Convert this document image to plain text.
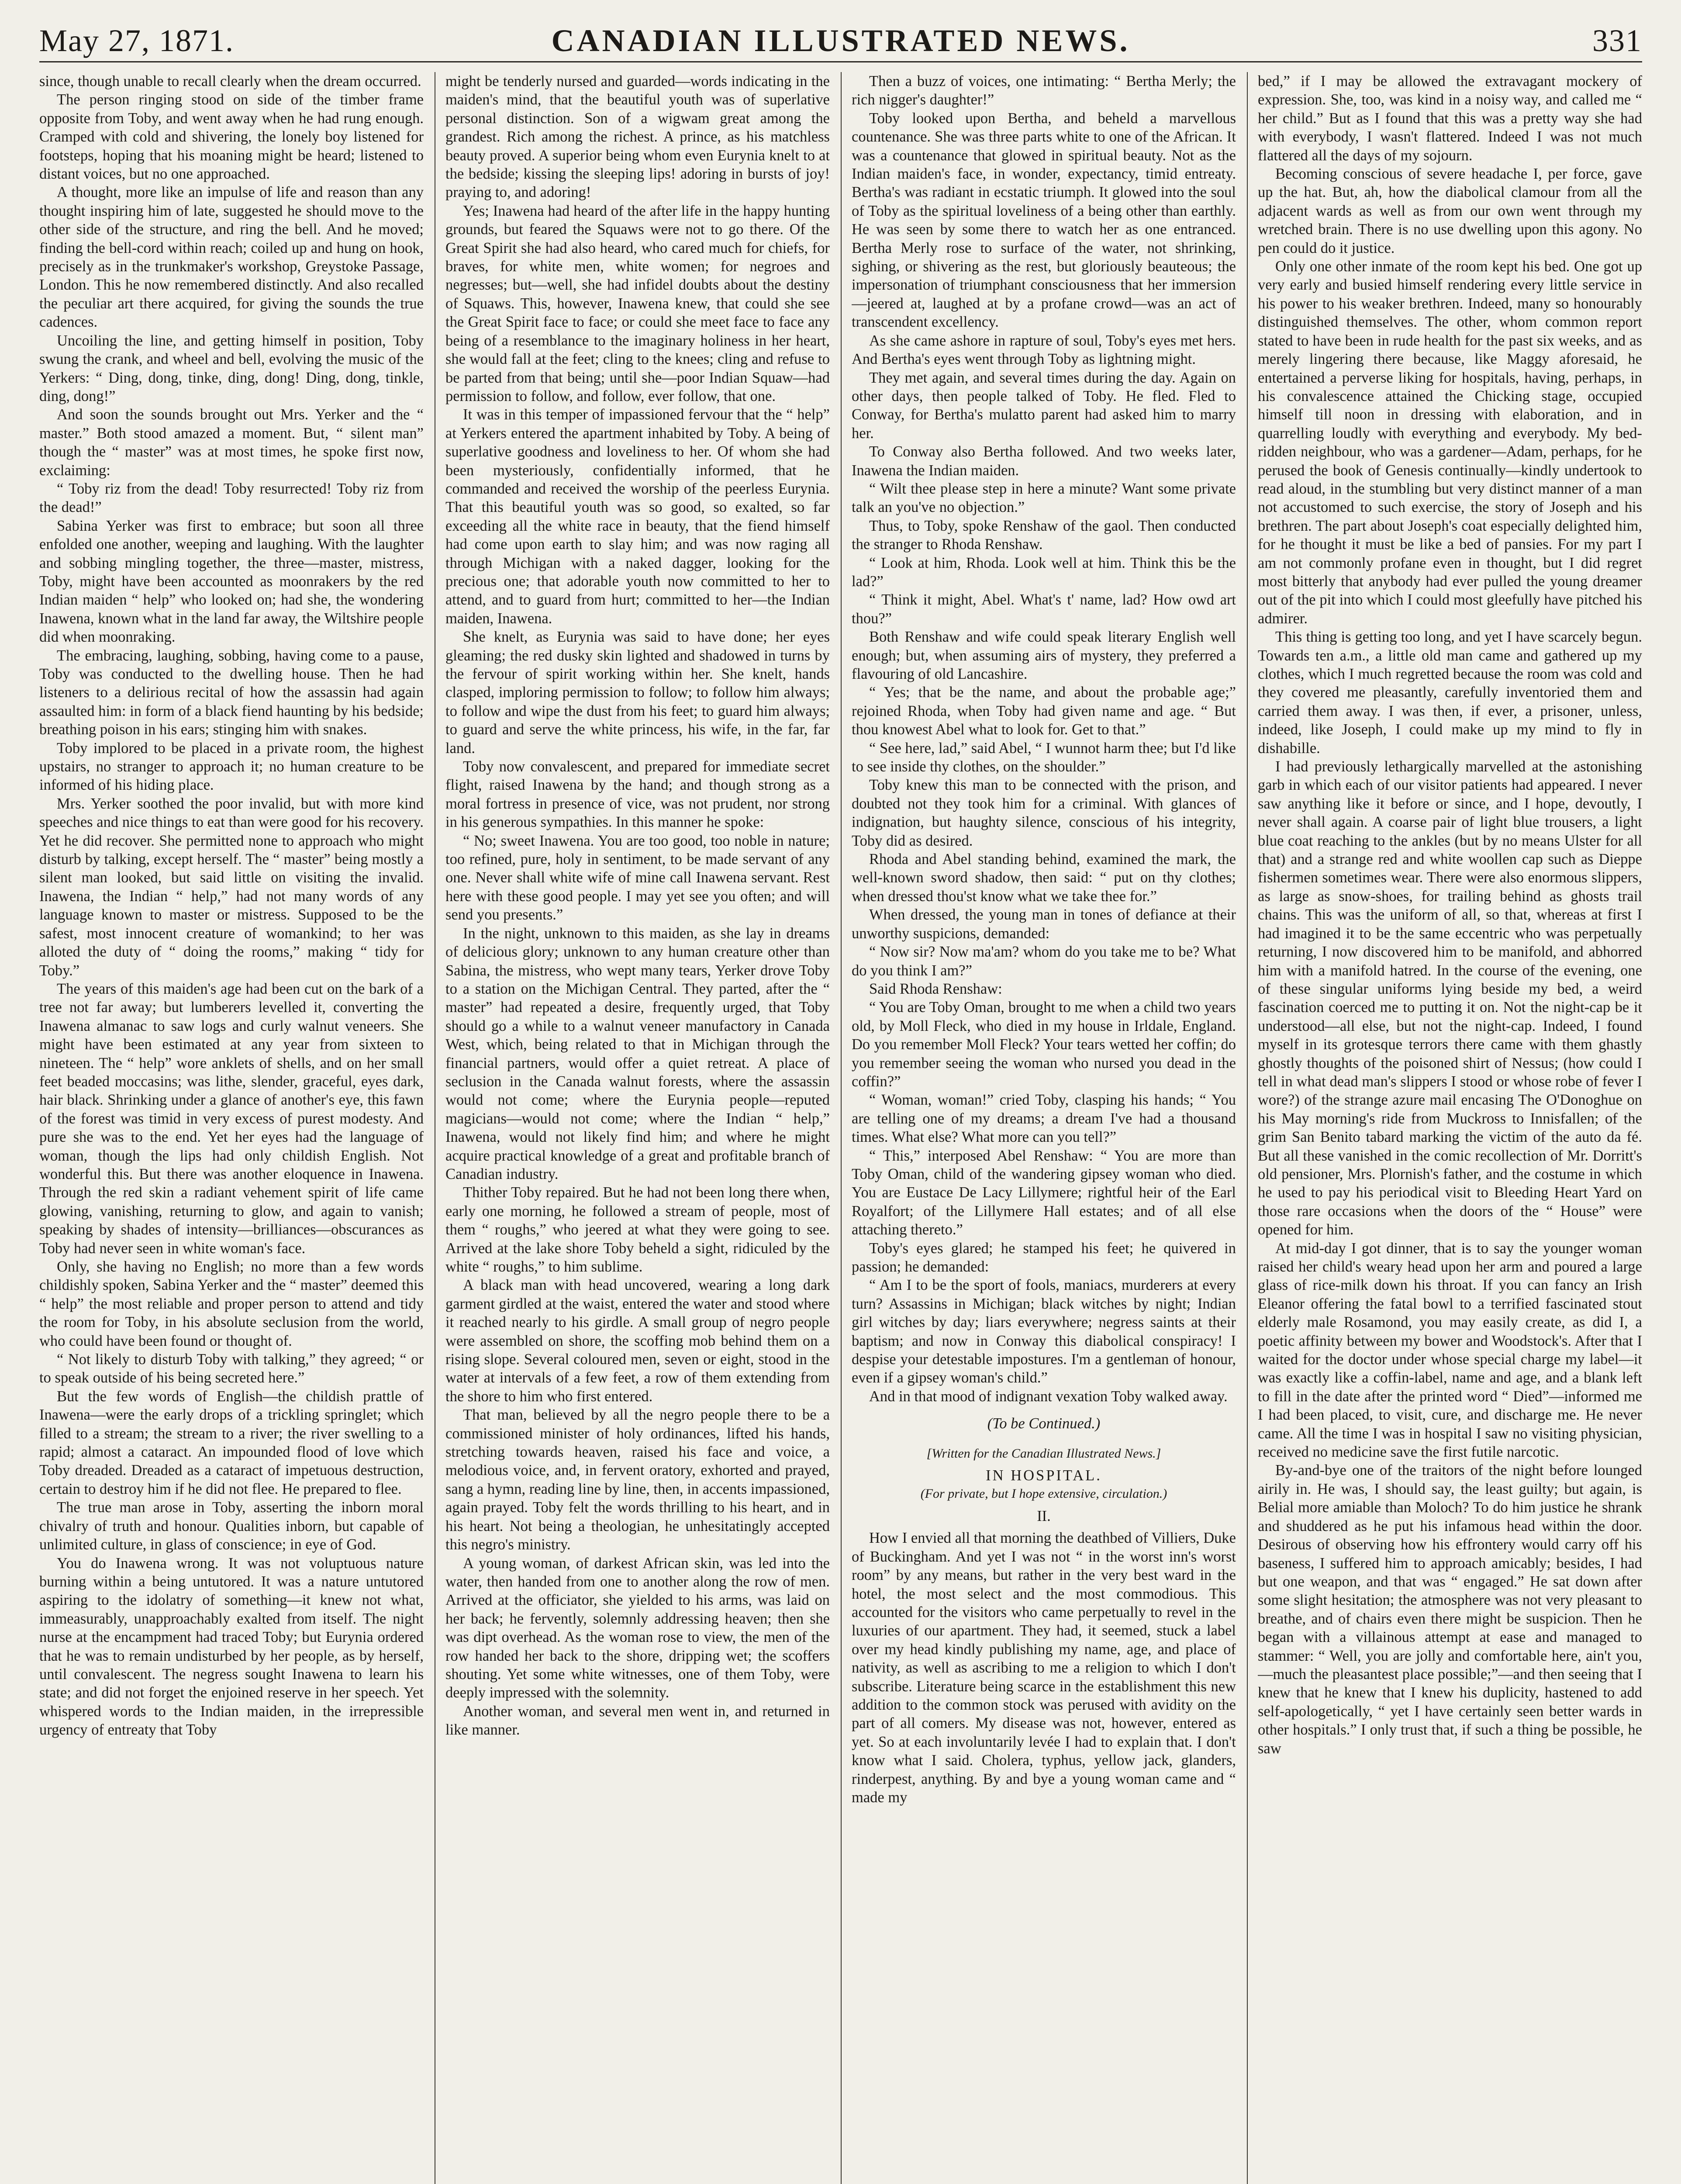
May 27, 1871.	CANADIAN ILLUSTRATED NEWS.	331

since, though unable to recall clearly when the dream occurred.

The person ringing stood on side of the timber frame opposite from Toby, and went away when he had rung enough. Cramped with cold and shivering, the lonely boy listened for footsteps, hoping that his moaning might be heard; listened to distant voices, but no one approached.

A thought, more like an impulse of life and reason than any thought inspiring him of late, suggested he should move to the other side of the structure, and ring the bell. And he moved; finding the bell-cord within reach; coiled up and hung on hook, precisely as in the trunkmaker's workshop, Greystoke Passage, London. This he now remembered distinctly. And also recalled the peculiar art there acquired, for giving the sounds the true cadences.

Uncoiling the line, and getting himself in position, Toby swung the crank, and wheel and bell, evolving the music of the Yerkers: “ Ding, dong, tinke, ding, dong! Ding, dong, tinkle, ding, dong!”

And soon the sounds brought out Mrs. Yerker and the “ master.” Both stood amazed a moment. But, “ silent man” though the “ master” was at most times, he spoke first now, exclaiming:

“ Toby riz from the dead! Toby resurrected! Toby riz from the dead!”

Sabina Yerker was first to embrace; but soon all three enfolded one another, weeping and laughing. With the laughter and sobbing mingling together, the three—master, mistress, Toby, might have been accounted as moonrakers by the red Indian maiden “ help” who looked on; had she, the wondering Inawena, known what in the land far away, the Wiltshire people did when moonraking.

The embracing, laughing, sobbing, having come to a pause, Toby was conducted to the dwelling house. Then he had listeners to a delirious recital of how the assassin had again assaulted him: in form of a black fiend haunting by his bedside; breathing poison in his ears; stinging him with snakes.

Toby implored to be placed in a private room, the highest upstairs, no stranger to approach it; no human creature to be informed of his hiding place.

Mrs. Yerker soothed the poor invalid, but with more kind speeches and nice things to eat than were good for his recovery. Yet he did recover. She permitted none to approach who might disturb by talking, except herself. The “ master” being mostly a silent man looked, but said little on visiting the invalid. Inawena, the Indian “ help,” had not many words of any language known to master or mistress. Supposed to be the safest, most innocent creature of womankind; to her was alloted the duty of “ doing the rooms,” making “ tidy for Toby.”

The years of this maiden's age had been cut on the bark of a tree not far away; but lumberers levelled it, converting the Inawena almanac to saw logs and curly walnut veneers. She might have been estimated at any year from sixteen to nineteen. The “ help” wore anklets of shells, and on her small feet beaded moccasins; was lithe, slender, graceful, eyes dark, hair black. Shrinking under a glance of another's eye, this fawn of the forest was timid in very excess of purest modesty. And pure she was to the end. Yet her eyes had the language of woman, though the lips had only childish English. Not wonderful this. But there was another eloquence in Inawena. Through the red skin a radiant vehement spirit of life came glowing, vanishing, returning to glow, and again to vanish; speaking by shades of intensity—brilliances—obscurances as Toby had never seen in white woman's face.

Only, she having no English; no more than a few words childishly spoken, Sabina Yerker and the “ master” deemed this “ help” the most reliable and proper person to attend and tidy the room for Toby, in his absolute seclusion from the world, who could have been found or thought of.

“ Not likely to disturb Toby with talking,” they agreed; “ or to speak outside of his being secreted here.”

But the few words of English—the childish prattle of Inawena—were the early drops of a trickling springlet; which filled to a stream; the stream to a river; the river swelling to a rapid; almost a cataract. An impounded flood of love which Toby dreaded. Dreaded as a cataract of impetuous destruction, certain to destroy him if he did not flee. He prepared to flee.

The true man arose in Toby, asserting the inborn moral chivalry of truth and honour. Qualities inborn, but capable of unlimited culture, in glass of conscience; in eye of God.

You do Inawena wrong. It was not voluptuous nature burning within a being untutored. It was a nature untutored aspiring to the idolatry of something—it knew not what, immeasurably, unapproachably exalted from itself. The night nurse at the encampment had traced Toby; but Eurynia ordered that he was to remain undisturbed by her people, as by herself, until convalescent. The negress sought Inawena to learn his state; and did not forget the enjoined reserve in her speech. Yet whispered words to the Indian maiden, in the irrepressible urgency of entreaty that Toby

might be tenderly nursed and guarded—words indicating in the maiden's mind, that the beautiful youth was of superlative personal distinction. Son of a wigwam great among the grandest. Rich among the richest. A prince, as his matchless beauty proved. A superior being whom even Eurynia knelt to at the bedside; kissing the sleeping lips! adoring in bursts of joy! praying to, and adoring!

Yes; Inawena had heard of the after life in the happy hunting grounds, but feared the Squaws were not to go there. Of the Great Spirit she had also heard, who cared much for chiefs, for braves, for white men, white women; for negroes and negresses; but—well, she had infidel doubts about the destiny of Squaws. This, however, Inawena knew, that could she see the Great Spirit face to face; or could she meet face to face any being of a resemblance to the imaginary holiness in her heart, she would fall at the feet; cling to the knees; cling and refuse to be parted from that being; until she—poor Indian Squaw—had permission to follow, and follow, ever follow, that one.

It was in this temper of impassioned fervour that the “ help” at Yerkers entered the apartment inhabited by Toby. A being of superlative goodness and loveliness to her. Of whom she had been mysteriously, confidentially informed, that he commanded and received the worship of the peerless Eurynia. That this beautiful youth was so good, so exalted, so far exceeding all the white race in beauty, that the fiend himself had come upon earth to slay him; and was now raging all through Michigan with a naked dagger, looking for the precious one; that adorable youth now committed to her to attend, and to guard from hurt; committed to her—the Indian maiden, Inawena.

She knelt, as Eurynia was said to have done; her eyes gleaming; the red dusky skin lighted and shadowed in turns by the fervour of spirit working within her. She knelt, hands clasped, imploring permission to follow; to follow him always; to follow and wipe the dust from his feet; to guard him always; to guard and serve the white princess, his wife, in the far, far land.

Toby now convalescent, and prepared for immediate secret flight, raised Inawena by the hand; and though strong as a moral fortress in presence of vice, was not prudent, nor strong in his generous sympathies. In this manner he spoke:

“ No; sweet Inawena. You are too good, too noble in nature; too refined, pure, holy in sentiment, to be made servant of any one. Never shall white wife of mine call Inawena servant. Rest here with these good people. I may yet see you often; and will send you presents.”

In the night, unknown to this maiden, as she lay in dreams of delicious glory; unknown to any human creature other than Sabina, the mistress, who wept many tears, Yerker drove Toby to a station on the Michigan Central. They parted, after the “ master” had repeated a desire, frequently urged, that Toby should go a while to a walnut veneer manufactory in Canada West, which, being related to that in Michigan through the financial partners, would offer a quiet retreat. A place of seclusion in the Canada walnut forests, where the assassin would not come; where the Eurynia people—reputed magicians—would not come; where the Indian “ help,” Inawena, would not likely find him; and where he might acquire practical knowledge of a great and profitable branch of Canadian industry.

Thither Toby repaired. But he had not been long there when, early one morning, he followed a stream of people, most of them “ roughs,” who jeered at what they were going to see. Arrived at the lake shore Toby beheld a sight, ridiculed by the white “ roughs,” to him sublime.

A black man with head uncovered, wearing a long dark garment girdled at the waist, entered the water and stood where it reached nearly to his girdle. A small group of negro people were assembled on shore, the scoffing mob behind them on a rising slope. Several coloured men, seven or eight, stood in the water at intervals of a few feet, a row of them extending from the shore to him who first entered.

That man, believed by all the negro people there to be a commissioned minister of holy ordinances, lifted his hands, stretching towards heaven, raised his face and voice, a melodious voice, and, in fervent oratory, exhorted and prayed, sang a hymn, reading line by line, then, in accents impassioned, again prayed. Toby felt the words thrilling to his heart, and in his heart. Not being a theologian, he unhesitatingly accepted this negro's ministry.

A young woman, of darkest African skin, was led into the water, then handed from one to another along the row of men. Arrived at the officiator, she yielded to his arms, was laid on her back; he fervently, solemnly addressing heaven; then she was dipt overhead. As the woman rose to view, the men of the row handed her back to the shore, dripping wet; the scoffers shouting. Yet some white witnesses, one of them Toby, were deeply impressed with the solemnity.

Another woman, and several men went in, and returned in like manner.

Then a buzz of voices, one intimating: “ Bertha Merly; the rich nigger's daughter!”

Toby looked upon Bertha, and beheld a marvellous countenance. She was three parts white to one of the African. It was a countenance that glowed in spiritual beauty. Not as the Indian maiden's face, in wonder, expectancy, timid entreaty. Bertha's was radiant in ecstatic triumph. It glowed into the soul of Toby as the spiritual loveliness of a being other than earthly. He was seen by some there to watch her as one entranced. Bertha Merly rose to surface of the water, not shrinking, sighing, or shivering as the rest, but gloriously beauteous; the impersonation of triumphant consciousness that her immersion—jeered at, laughed at by a profane crowd—was an act of transcendent excellency.

As she came ashore in rapture of soul, Toby's eyes met hers. And Bertha's eyes went through Toby as lightning might.

They met again, and several times during the day. Again on other days, then people talked of Toby. He fled. Fled to Conway, for Bertha's mulatto parent had asked him to marry her.

To Conway also Bertha followed. And two weeks later, Inawena the Indian maiden.

“ Wilt thee please step in here a minute? Want some private talk an you've no objection.”

Thus, to Toby, spoke Renshaw of the gaol. Then conducted the stranger to Rhoda Renshaw.

“ Look at him, Rhoda. Look well at him. Think this be the lad?”

“ Think it might, Abel. What's t' name, lad? How owd art thou?”

Both Renshaw and wife could speak literary English well enough; but, when assuming airs of mystery, they preferred a flavouring of old Lancashire.

“ Yes; that be the name, and about the probable age;” rejoined Rhoda, when Toby had given name and age. “ But thou knowest Abel what to look for. Get to that.”

“ See here, lad,” said Abel, “ I wunnot harm thee; but I'd like to see inside thy clothes, on the shoulder.”

Toby knew this man to be connected with the prison, and doubted not they took him for a criminal. With glances of indignation, but haughty silence, conscious of his integrity, Toby did as desired.

Rhoda and Abel standing behind, examined the mark, the well-known sword shadow, then said: “ put on thy clothes; when dressed thou'st know what we take thee for.”

When dressed, the young man in tones of defiance at their unworthy suspicions, demanded:

“ Now sir? Now ma'am? whom do you take me to be? What do you think I am?”

Said Rhoda Renshaw:

“ You are Toby Oman, brought to me when a child two years old, by Moll Fleck, who died in my house in Irldale, England. Do you remember Moll Fleck? Your tears wetted her coffin; do you remember seeing the woman who nursed you dead in the coffin?”

“ Woman, woman!” cried Toby, clasping his hands; “ You are telling one of my dreams; a dream I've had a thousand times. What else? What more can you tell?”

“ This,” interposed Abel Renshaw: “ You are more than Toby Oman, child of the wandering gipsey woman who died. You are Eustace De Lacy Lillymere; rightful heir of the Earl Royalfort; of the Lillymere Hall estates; and of all else attaching thereto.”

Toby's eyes glared; he stamped his feet; he quivered in passion; he demanded:

“ Am I to be the sport of fools, maniacs, murderers at every turn? Assassins in Michigan; black witches by night; Indian girl witches by day; liars everywhere; negress saints at their baptism; and now in Conway this diabolical conspiracy! I despise your detestable impostures. I'm a gentleman of honour, even if a gipsey woman's child.”

And in that mood of indignant vexation Toby walked away.

(To be Continued.)

[Written for the Canadian Illustrated News.]

IN HOSPITAL.

(For private, but I hope extensive, circulation.)

II.

How I envied all that morning the deathbed of Villiers, Duke of Buckingham. And yet I was not “ in the worst inn's worst room” by any means, but rather in the very best ward in the hotel, the most select and the most commodious. This accounted for the visitors who came perpetually to revel in the luxuries of our apartment. They had, it seemed, stuck a label over my head kindly publishing my name, age, and place of nativity, as well as ascribing to me a religion to which I don't subscribe. Literature being scarce in the establishment this new addition to the common stock was perused with avidity on the part of all comers. My disease was not, however, entered as yet. So at each involuntarily levée I had to explain that. I don't know what I said. Cholera, typhus, yellow jack, glanders, rinderpest, anything. By and bye a young woman came and “ made my

bed,” if I may be allowed the extravagant mockery of expression. She, too, was kind in a noisy way, and called me “ her child.” But as I found that this was a pretty way she had with everybody, I wasn't flattered. Indeed I was not much flattered all the days of my sojourn.

Becoming conscious of severe headache I, per force, gave up the hat. But, ah, how the diabolical clamour from all the adjacent wards as well as from our own went through my wretched brain. There is no use dwelling upon this agony. No pen could do it justice.

Only one other inmate of the room kept his bed. One got up very early and busied himself rendering every little service in his power to his weaker brethren. Indeed, many so honourably distinguished themselves. The other, whom common report stated to have been in rude health for the past six weeks, and as merely lingering there because, like Maggy aforesaid, he entertained a perverse liking for hospitals, having, perhaps, in his convalescence attained the Chicking stage, occupied himself till noon in dressing with elaboration, and in quarrelling loudly with everything and everybody. My bed-ridden neighbour, who was a gardener—Adam, perhaps, for he perused the book of Genesis continually—kindly undertook to read aloud, in the stumbling but very distinct manner of a man not accustomed to such exercise, the story of Joseph and his brethren. The part about Joseph's coat especially delighted him, for he thought it must be like a bed of pansies. For my part I am not commonly profane even in thought, but I did regret most bitterly that anybody had ever pulled the young dreamer out of the pit into which I could most gleefully have pitched his admirer.

This thing is getting too long, and yet I have scarcely begun. Towards ten a.m., a little old man came and gathered up my clothes, which I much regretted because the room was cold and they covered me pleasantly, carefully inventoried them and carried them away. I was then, if ever, a prisoner, unless, indeed, like Joseph, I could make up my mind to fly in dishabille.

I had previously lethargically marvelled at the astonishing garb in which each of our visitor patients had appeared. I never saw anything like it before or since, and I hope, devoutly, I never shall again. A coarse pair of light blue trousers, a light blue coat reaching to the ankles (but by no means Ulster for all that) and a strange red and white woollen cap such as Dieppe fishermen sometimes wear. There were also enormous slippers, as large as snow-shoes, for trailing behind as ghosts trail chains. This was the uniform of all, so that, whereas at first I had imagined it to be the same eccentric who was perpetually returning, I now discovered him to be manifold, and abhorred him with a manifold hatred. In the course of the evening, one of these singular uniforms lying beside my bed, a weird fascination coerced me to putting it on. Not the night-cap be it understood—all else, but not the night-cap. Indeed, I found myself in its grotesque terrors there came with them ghastly ghostly thoughts of the poisoned shirt of Nessus; (how could I tell in what dead man's slippers I stood or whose robe of fever I wore?) of the strange azure mail encasing The O'Donoghue on his May morning's ride from Muckross to Innisfallen; of the grim San Benito tabard marking the victim of the auto da fé. But all these vanished in the comic recollection of Mr. Dorritt's old pensioner, Mrs. Plornish's father, and the costume in which he used to pay his periodical visit to Bleeding Heart Yard on those rare occasions when the doors of the “ House” were opened for him.

At mid-day I got dinner, that is to say the younger woman raised her child's weary head upon her arm and poured a large glass of rice-milk down his throat. If you can fancy an Irish Eleanor offering the fatal bowl to a terrified fascinated stout elderly male Rosamond, you may easily create, as did I, a poetic affinity between my bower and Woodstock's. After that I waited for the doctor under whose special charge my label—it was exactly like a coffin-label, name and age, and a blank left to fill in the date after the printed word “ Died”—informed me I had been placed, to visit, cure, and discharge me. He never came. All the time I was in hospital I saw no visiting physician, received no medicine save the first futile narcotic.

By-and-bye one of the traitors of the night before lounged airily in. He was, I should say, the least guilty; but again, is Belial more amiable than Moloch? To do him justice he shrank and shuddered as he put his infamous head within the door. Desirous of observing how his effrontery would carry off his baseness, I suffered him to approach amicably; besides, I had but one weapon, and that was “ engaged.” He sat down after some slight hesitation; the atmosphere was not very pleasant to breathe, and of chairs even there might be suspicion. Then he began with a villainous attempt at ease and managed to stammer: “ Well, you are jolly and comfortable here, ain't you,—much the pleasantest place possible;”—and then seeing that I knew that he knew that I knew his duplicity, hastened to add self-apologetically, “ yet I have certainly seen better wards in other hospitals.” I only trust that, if such a thing be possible, he saw
